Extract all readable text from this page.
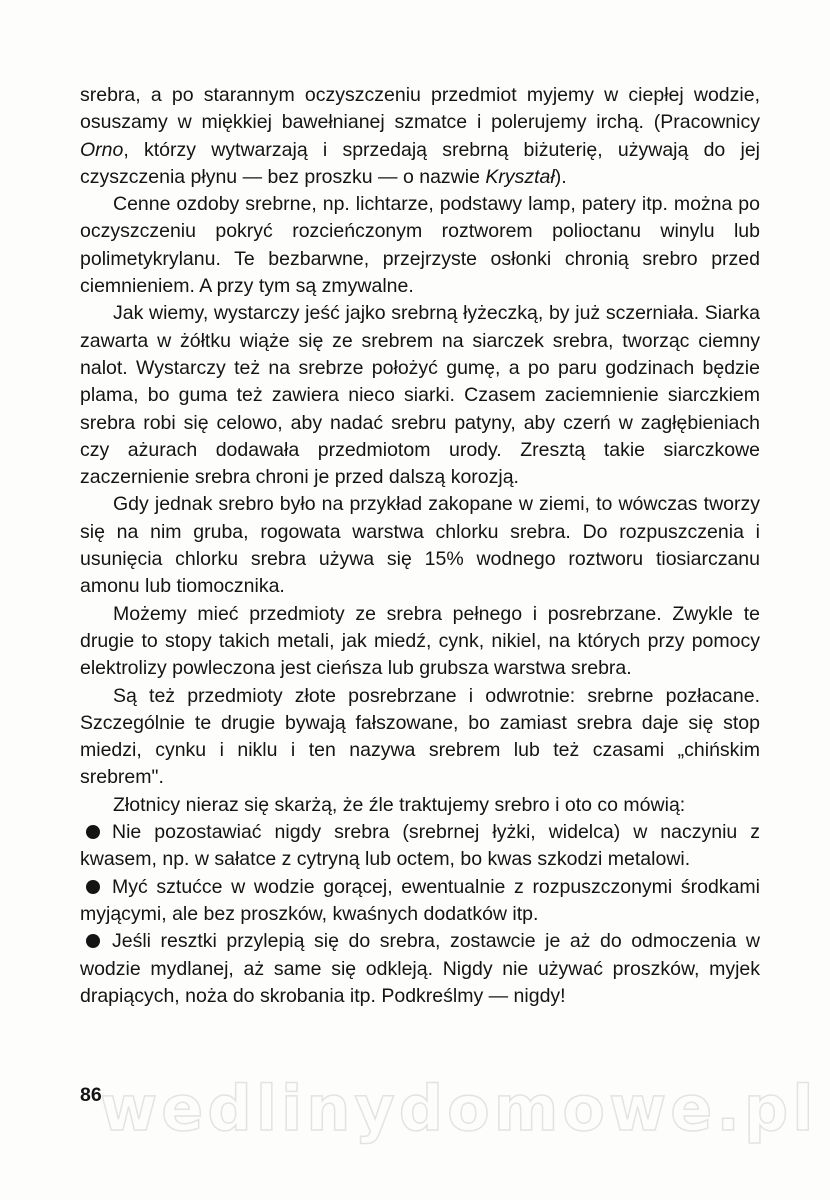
srebra, a po starannym oczyszczeniu przedmiot myjemy w ciepłej wodzie, osuszamy w miękkiej bawełnianej szmatce i polerujemy irchą. (Pracownicy Orno, którzy wytwarzają i sprzedają srebrną biżuterię, używają do jej czyszczenia płynu — bez proszku — o nazwie Kryształ).

Cenne ozdoby srebrne, np. lichtarze, podstawy lamp, patery itp. można po oczyszczeniu pokryć rozcieńczonym roztworem polioctanu winylu lub polimetykrylanu. Te bezbarwne, przejrzyste osłonki chronią srebro przed ciemnieniem. A przy tym są zmywalne.

Jak wiemy, wystarczy jeść jajko srebrną łyżeczką, by już sczerniała. Siarka zawarta w żółtku wiąże się ze srebrem na siarczek srebra, tworząc ciemny nalot. Wystarczy też na srebrze położyć gumę, a po paru godzinach będzie plama, bo guma też zawiera nieco siarki. Czasem zaciemnienie siarczkiem srebra robi się celowo, aby nadać srebru patyny, aby czerń w zagłębieniach czy ażurach dodawała przedmiotom urody. Zresztą takie siarczkowe zaczernienie srebra chroni je przed dalszą korozją.

Gdy jednak srebro było na przykład zakopane w ziemi, to wówczas tworzy się na nim gruba, rogowata warstwa chlorku srebra. Do rozpuszczenia i usunięcia chlorku srebra używa się 15% wodnego roztworu tiosiarczanu amonu lub tiomocznika.

Możemy mieć przedmioty ze srebra pełnego i posrebrzane. Zwykle te drugie to stopy takich metali, jak miedź, cynk, nikiel, na których przy pomocy elektrolizy powleczona jest cieńsza lub grubsza warstwa srebra.

Są też przedmioty złote posrebrzane i odwrotnie: srebrne pozłacane. Szczególnie te drugie bywają fałszowane, bo zamiast srebra daje się stop miedzi, cynku i niklu i ten nazywa srebrem lub też czasami „chińskim srebrem".

Złotnicy nieraz się skarżą, że źle traktujemy srebro i oto co mówią:

Nie pozostawiać nigdy srebra (srebrnej łyżki, widelca) w naczyniu z kwasem, np. w sałatce z cytryną lub octem, bo kwas szkodzi metalowi.

Myć sztućce w wodzie gorącej, ewentualnie z rozpuszczonymi środkami myjącymi, ale bez proszków, kwaśnych dodatków itp.

Jeśli resztki przylepią się do srebra, zostawcie je aż do odmoczenia w wodzie mydlanej, aż same się odkleją. Nigdy nie używać proszków, myjek drapiących, noża do skrobania itp. Podkreślmy — nigdy!

86
wedlinydomowe.pl
